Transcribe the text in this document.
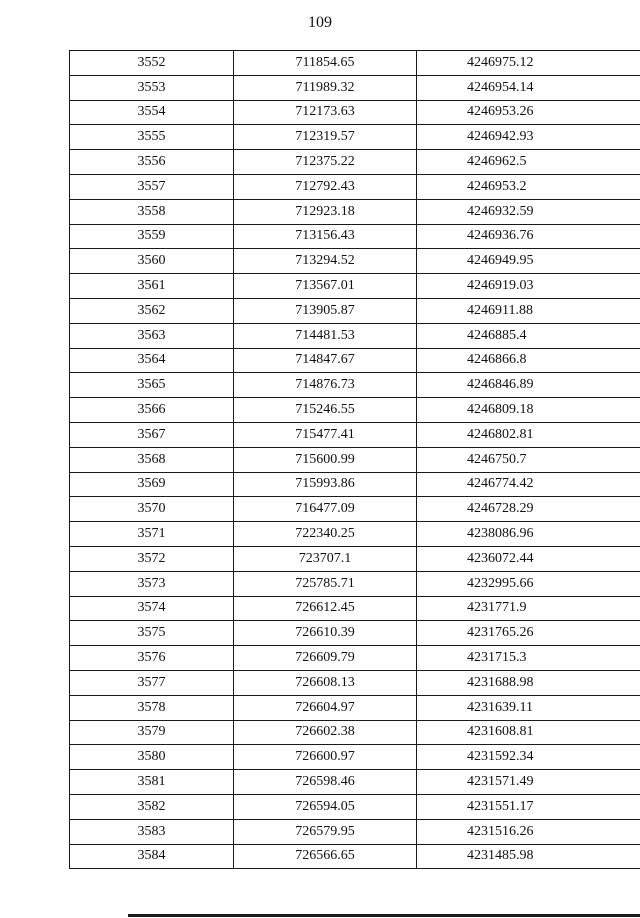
109
3552	711854.65	4246975.12
3553	711989.32	4246954.14
3554	712173.63	4246953.26
3555	712319.57	4246942.93
3556	712375.22	4246962.5
3557	712792.43	4246953.2
3558	712923.18	4246932.59
3559	713156.43	4246936.76
3560	713294.52	4246949.95
3561	713567.01	4246919.03
3562	713905.87	4246911.88
3563	714481.53	4246885.4
3564	714847.67	4246866.8
3565	714876.73	4246846.89
3566	715246.55	4246809.18
3567	715477.41	4246802.81
3568	715600.99	4246750.7
3569	715993.86	4246774.42
3570	716477.09	4246728.29
3571	722340.25	4238086.96
3572	723707.1	4236072.44
3573	725785.71	4232995.66
3574	726612.45	4231771.9
3575	726610.39	4231765.26
3576	726609.79	4231715.3
3577	726608.13	4231688.98
3578	726604.97	4231639.11
3579	726602.38	4231608.81
3580	726600.97	4231592.34
3581	726598.46	4231571.49
3582	726594.05	4231551.17
3583	726579.95	4231516.26
3584	726566.65	4231485.98
